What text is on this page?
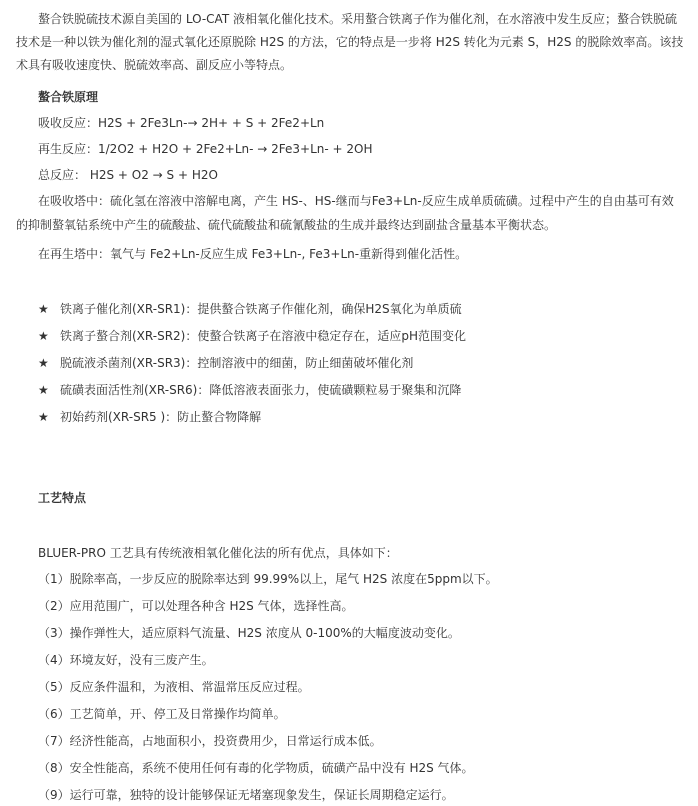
螯合铁脱硫技术源自美国的 LO-CAT 液相氧化催化技术。采用螯合铁离子作为催化剂，在水溶液中发生反应；螯合铁脱硫技术是一种以铁为催化剂的湿式氧化还原脱除 H2S 的方法，它的特点是一步将 H2S 转化为元素 S，H2S 的脱除效率高。该技术具有吸收速度快、脱硫效率高、副反应小等特点。

螯合铁原理

吸收反应：H2S + 2Fe3Ln-→ 2H+ + S + 2Fe2+Ln

再生反应：1/2O2 + H2O + 2Fe2+Ln- → 2Fe3+Ln- + 2OH

总反应： H2S + O2 → S + H2O

在吸收塔中：硫化氢在溶液中溶解电离，产生 HS-、HS-继而与Fe3+Ln-反应生成单质硫磺。过程中产生的自由基可有效的抑制螯氧钴系统中产生的硫酸盐、硫代硫酸盐和硫氰酸盐的生成并最终达到副盐含量基本平衡状态。

在再生塔中：氧气与 Fe2+Ln-反应生成 Fe3+Ln-, Fe3+Ln-重新得到催化活性。

★ 铁离子催化剂(XR-SR1)：提供螯合铁离子作催化剂，确保H2S氧化为单质硫

★ 铁离子螯合剂(XR-SR2)：使螯合铁离子在溶液中稳定存在，适应pH范围变化

★ 脱硫液杀菌剂(XR-SR3)：控制溶液中的细菌，防止细菌破坏催化剂

★ 硫磺表面活性剂(XR-SR6)：降低溶液表面张力，使硫磺颗粒易于聚集和沉降

★ 初始药剂(XR-SR5 )：防止螯合物降解

工艺特点

BLUER-PRO 工艺具有传统液相氧化催化法的所有优点，具体如下：

（1）脱除率高，一步反应的脱除率达到 99.99%以上，尾气 H2S 浓度在5ppm以下。

（2）应用范围广，可以处理各种含 H2S 气体，选择性高。

（3）操作弹性大，适应原料气流量、H2S 浓度从 0-100%的大幅度波动变化。

（4）环境友好，没有三废产生。

（5）反应条件温和，为液相、常温常压反应过程。

（6）工艺简单，开、停工及日常操作均简单。

（7）经济性能高，占地面积小，投资费用少，日常运行成本低。

（8）安全性能高，系统不使用任何有毒的化学物质，硫磺产品中没有 H2S 气体。

（9）运行可靠，独特的设计能够保证无堵塞现象发生，保证长周期稳定运行。
